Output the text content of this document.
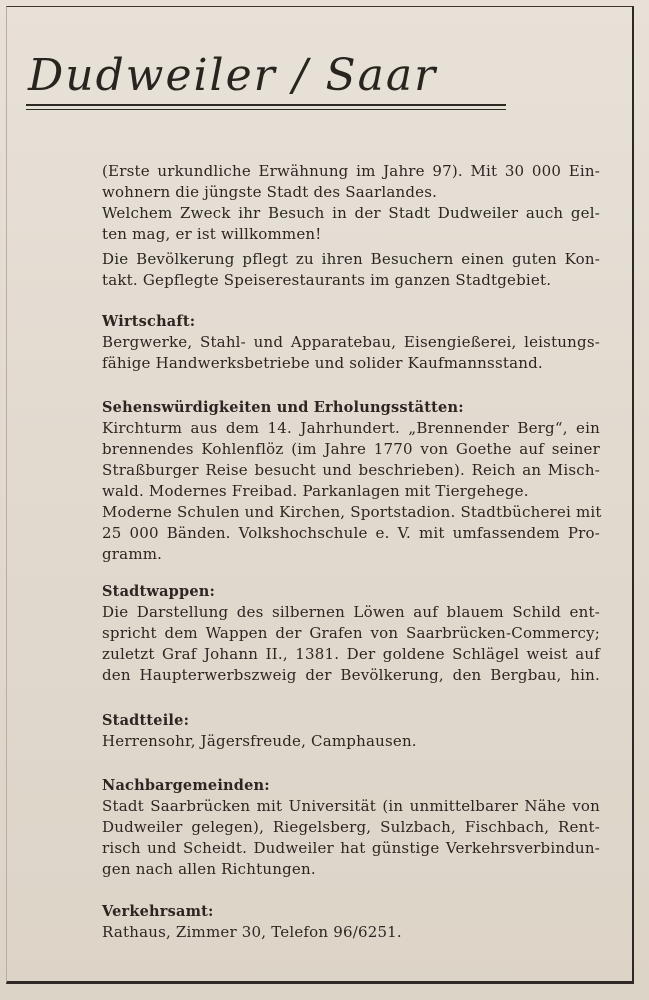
Dudweiler / Saar
(Erste urkundliche Erwähnung im Jahre 97). Mit 30 000 Ein-
wohnern die jüngste Stadt des Saarlandes.
Welchem Zweck ihr Besuch in der Stadt Dudweiler auch gel-
ten mag, er ist willkommen!
Die Bevölkerung pflegt zu ihren Besuchern einen guten Kon-
takt. Gepflegte Speiserestaurants im ganzen Stadtgebiet.
Wirtschaft:
Bergwerke, Stahl- und Apparatebau, Eisengießerei, leistungs-
fähige Handwerksbetriebe und solider Kaufmannsstand.
Sehenswürdigkeiten und Erholungsstätten:
Kirchturm aus dem 14. Jahrhundert. „Brennender Berg“, ein
brennendes Kohlenflöz (im Jahre 1770 von Goethe auf seiner
Straßburger Reise besucht und beschrieben). Reich an Misch-
wald. Modernes Freibad. Parkanlagen mit Tiergehege.
Moderne Schulen und Kirchen, Sportstadion. Stadtbücherei mit
25 000 Bänden. Volkshochschule e. V. mit umfassendem Pro-
gramm.
Stadtwappen:
Die Darstellung des silbernen Löwen auf blauem Schild ent-
spricht dem Wappen der Grafen von Saarbrücken-Commercy;
zuletzt Graf Johann II., 1381. Der goldene Schlägel weist auf
den Haupterwerbszweig der Bevölkerung, den Bergbau, hin.
Stadtteile:
Herrensohr, Jägersfreude, Camphausen.
Nachbargemeinden:
Stadt Saarbrücken mit Universität (in unmittelbarer Nähe von
Dudweiler gelegen), Riegelsberg, Sulzbach, Fischbach, Rent-
risch und Scheidt. Dudweiler hat günstige Verkehrsverbindun-
gen nach allen Richtungen.
Verkehrsamt:
Rathaus, Zimmer 30, Telefon 96/6251.
